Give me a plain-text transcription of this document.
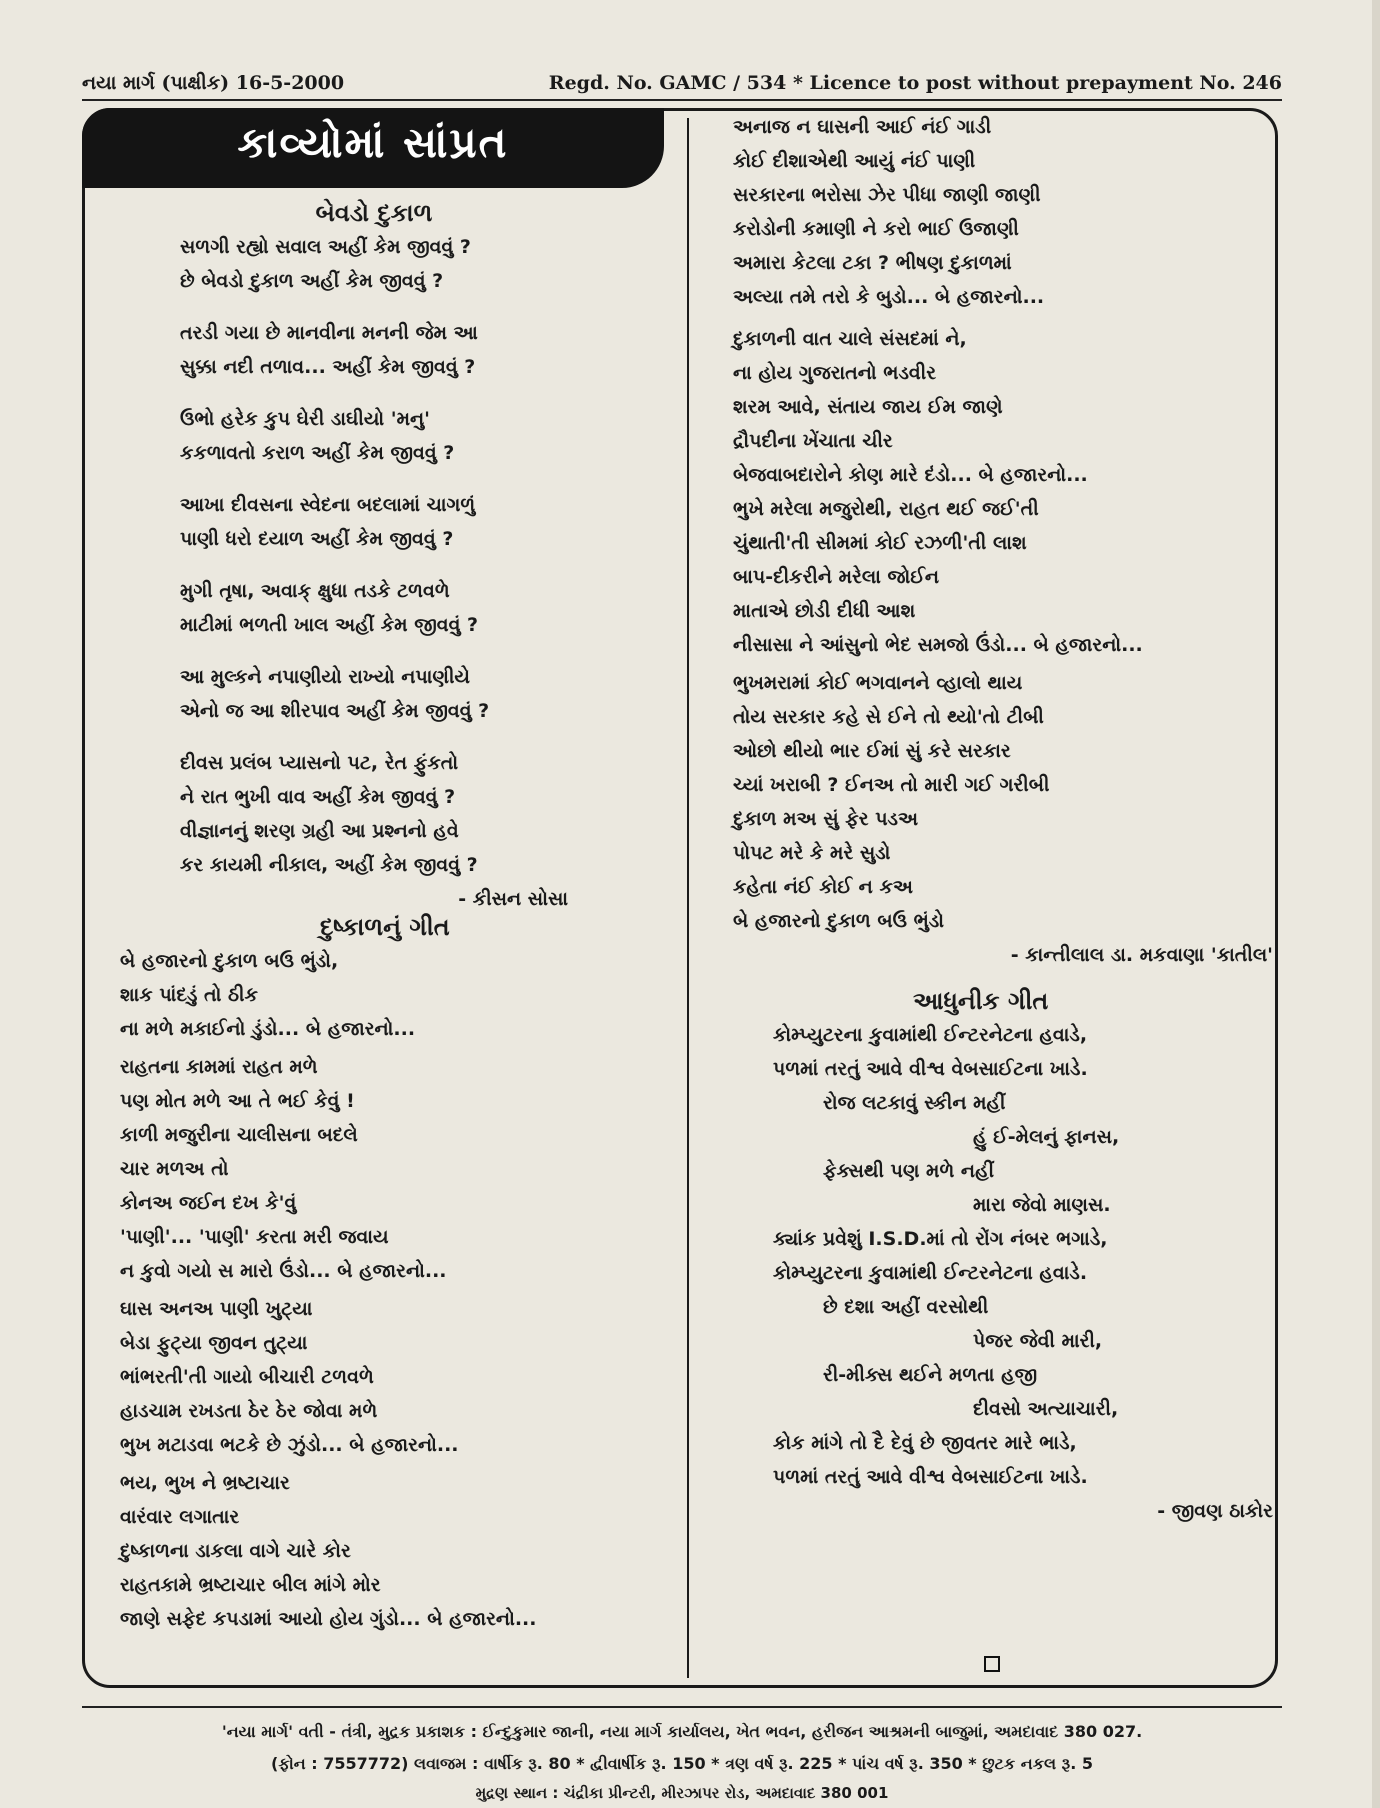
નયા માર્ગ (પાક્ષીક) 16-5-2000	Regd. No. GAMC / 534 * Licence to post without prepayment No. 246
કાવ્યોમાં સાંપ્રત
બેવડો દુકાળ
સળગી રહ્યો સવાલ અહીં કેમ જીવવું ?
છે બેવડો દુકાળ અહીં કેમ જીવવું ?
તરડી ગયા છે માનવીના મનની જેમ આ
સુક્કા નદી તળાવ... અહીં કેમ જીવવું ?
ઉભો હરેક કુપ ઘેરી ડાઘીયો 'મનુ'
કકળાવતો કરાળ અહીં કેમ જીવવું ?
આખા દીવસના સ્વેદના બદલામાં ચાગળું
પાણી ધરો દયાળ અહીં કેમ જીવવું ?
મુગી તૃષા, અવાક્ ક્ષુધા તડકે ટળવળે
માટીમાં ભળતી ખાલ અહીં કેમ જીવવું ?
આ મુલ્કને નપાણીયો રાખ્યો નપાણીયે
એનો જ આ શીરપાવ અહીં કેમ જીવવું ?
દીવસ પ્રલંબ પ્યાસનો પટ, રેત ફુંકતો
ને રાત ભુખી વાવ અહીં કેમ જીવવું ?
વીજ્ઞાનનું શરણ ગ્રહી આ પ્રશ્નનો હવે
કર કાયમી નીકાલ, અહીં કેમ જીવવું ?
- કીસન સોસા
દુષ્કાળનું ગીત
બે હજારનો દુકાળ બઉ ભુંડો,
શાક પાંદડું તો ઠીક
ના મળે મકાઈનો ડુંડો... બે હજારનો...
રાહતના કામમાં રાહત મળે
પણ મોત મળે આ તે ભઈ કેવું !
કાળી મજુરીના ચાલીસના બદલે
ચાર મળઅ તો
કોનઅ જઈન દખ કે'વું
'પાણી'... 'પાણી' કરતા મરી જવાય
ન કુવો ગયો સ મારો ઉંડો... બે હજારનો...
ઘાસ અનઅ પાણી ખુટ્યા
બેડા ફુટ્યા જીવન તુટ્યા
ભાંભરતી'તી ગાયો બીચારી ટળવળે
હાડચામ રખડતા ઠેર ઠેર જોવા મળે
ભુખ મટાડવા ભટકે છે ઝુંડો... બે હજારનો...
ભય, ભુખ ને ભ્રષ્ટાચાર
વારંવાર લગાતાર
દુષ્કાળના ડાકલા વાગે ચારે કોર
રાહતકામે ભ્રષ્ટાચાર બીલ માંગે મોર
જાણે સફેદ કપડામાં આયો હોય ગુંડો... બે હજારનો...
અનાજ ન ઘાસની આઈ નંઈ ગાડી
કોઈ દીશાએથી આયું નંઈ પાણી
સરકારના ભરોસા ઝેર પીધા જાણી જાણી
કરોડોની કમાણી ને કરો ભાઈ ઉજાણી
અમારા કેટલા ટકા ? ભીષણ દુકાળમાં
અલ્યા તમે તરો કે બુડો... બે હજારનો...
દુકાળની વાત ચાલે સંસદમાં ને,
ના હોય ગુજરાતનો ભડવીર
શરમ આવે, સંતાય જાય ઈમ જાણે
દ્રૌપદીના ખેંચાતા ચીર
બેજવાબદારોને કોણ મારે દંડો... બે હજારનો...
ભુખે મરેલા મજુરોથી, રાહત થઈ જઈ'તી
ચુંથાતી'તી સીમમાં કોઈ રઝળી'તી લાશ
બાપ-દીકરીને મરેલા જોઈન
માતાએ છોડી દીધી આશ
નીસાસા ને આંસુનો ભેદ સમજો ઉંડો... બે હજારનો...
ભુખમરામાં કોઈ ભગવાનને વ્હાલો થાય
તોય સરકાર કહે સે ઈને તો થ્યો'તો ટીબી
ઓછો થીયો ભાર ઈમાં સું કરે સરકાર
ચ્યાં ખરાબી ? ઈનઅ તો મારી ગઈ ગરીબી
દુકાળ મઅ સું ફેર પડઅ
પોપટ મરે કે મરે સુડો
કહેતા નંઈ કોઈ ન કઅ
બે હજારનો દુકાળ બઉ ભુંડો
- કાન્તીલાલ ડા. મકવાણા 'કાતીલ'
આધુનીક ગીત
કોમ્પ્યુટરના કુવામાંથી ઈન્ટરનેટના હવાડે,
પળમાં તરતું આવે વીશ્વ વેબસાઈટના ખાડે.
રોજ લટકાવું સ્કીન મહીં
હું ઈ-મેલનું ફાનસ,
ફેક્સથી પણ મળે નહીં
મારા જેવો માણસ.
ક્યાંક પ્રવેશું I.S.D.માં તો રોંગ નંબર ભગાડે,
કોમ્પ્યુટરના કુવામાંથી ઈન્ટરનેટના હવાડે.
છે દશા અહીં વરસોથી
પેજર જેવી મારી,
રી-મીક્સ થઈને મળતા હજી
દીવસો અત્યાચારી,
કોક માંગે તો દૈ દેવું છે જીવતર મારે ભાડે,
પળમાં તરતું આવે વીશ્વ વેબસાઈટના ખાડે.
- જીવણ ઠાકોર
'નયા માર્ગ' વતી - તંત્રી, મુદ્રક પ્રકાશક : ઈન્દુકુમાર જાની, નયા માર્ગ કાર્યાલય, ખેત ભવન, હરીજન આશ્રમની બાજુમાં, અમદાવાદ 380 027.
(ફોન : 7557772) લવાજમ : વાર્ષીક રૂ. 80 * દ્વીવાર્ષીક રૂ. 150 * ત્રણ વર્ષ રૂ. 225 * પાંચ વર્ષ રૂ. 350 * છુટક નકલ રૂ. 5
મુદ્રણ સ્થાન : ચંદ્રીકા પ્રીન્ટરી, મીરઝાપર રોડ, અમદાવાદ 380 001
